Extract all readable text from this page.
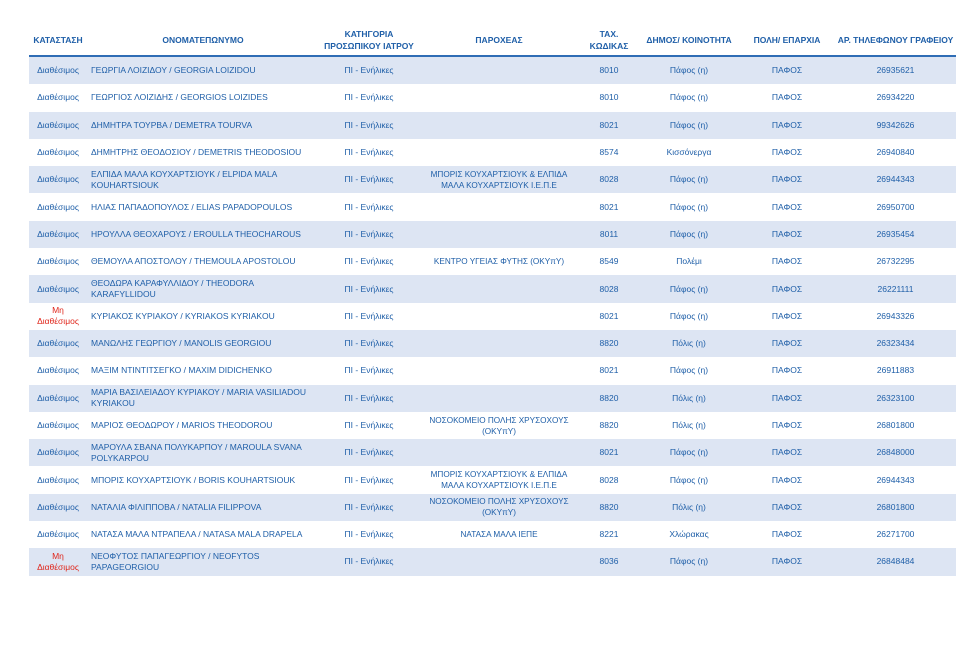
ΚΑΤΑΣΤΑΣΗ	ΟΝΟΜΑΤΕΠΩΝΥΜΟ	ΚΑΤΗΓΟΡΙΑ ΠΡΟΣΩΠΙΚΟΥ ΙΑΤΡΟΥ	ΠΑΡΟΧΕΑΣ	ΤΑΧ. ΚΩΔΙΚΑΣ	ΔΗΜΟΣ/ ΚΟΙΝΟΤΗΤΑ	ΠΟΛΗ/ ΕΠΑΡΧΙΑ	ΑΡ. ΤΗΛΕΦΩΝΟΥ ΓΡΑΦΕΙΟΥ
Διαθέσιμος	ΓΕΩΡΓΙΑ ΛΟΙΖΙΔΟΥ / GEORGIA LOIZIDOU	ΠΙ - Ενήλικες		8010	Πάφος (η)	ΠΑΦΟΣ	26935621
Διαθέσιμος	ΓΕΩΡΓΙΟΣ ΛΟΙΖΙΔΗΣ / GEORGIOS LOIZIDES	ΠΙ - Ενήλικες		8010	Πάφος (η)	ΠΑΦΟΣ	26934220
Διαθέσιμος	ΔΗΜΗΤΡΑ ΤΟΥΡΒΑ / DEMETRA TOURVA	ΠΙ - Ενήλικες		8021	Πάφος (η)	ΠΑΦΟΣ	99342626
Διαθέσιμος	ΔΗΜΗΤΡΗΣ ΘΕΟΔΟΣΙΟΥ / DEMETRIS THEODOSIOU	ΠΙ - Ενήλικες		8574	Κισσόνεργα	ΠΑΦΟΣ	26940840
Διαθέσιμος	ΕΛΠΙΔΑ ΜΑΛΑ ΚΟΥΧΑΡΤΣΙΟΥΚ / ELPIDA MALA KOUHARTSIOUK	ΠΙ - Ενήλικες	ΜΠΟΡΙΣ ΚΟΥΧΑΡΤΣΙΟΥΚ & ΕΛΠΙΔΑ ΜΑΛΑ ΚΟΥΧΑΡΤΣΙΟΥΚ Ι.Ε.Π.Ε	8028	Πάφος (η)	ΠΑΦΟΣ	26944343
Διαθέσιμος	ΗΛΙΑΣ ΠΑΠΑΔΟΠΟΥΛΟΣ / ELIAS PAPADOPOULOS	ΠΙ - Ενήλικες		8021	Πάφος (η)	ΠΑΦΟΣ	26950700
Διαθέσιμος	ΗΡΟΥΛΛΑ ΘΕΟΧΑΡΟΥΣ / EROULLA THEOCHAROUS	ΠΙ - Ενήλικες		8011	Πάφος (η)	ΠΑΦΟΣ	26935454
Διαθέσιμος	ΘΕΜΟΥΛΑ ΑΠΟΣΤΟΛΟΥ / THEMOULA APOSTOLOU	ΠΙ - Ενήλικες	ΚΕΝΤΡΟ ΥΓΕΙΑΣ ΦΥΤΗΣ (ΟΚΥπΥ)	8549	Πολέμι	ΠΑΦΟΣ	26732295
Διαθέσιμος	ΘΕΟΔΩΡΑ ΚΑΡΑΦΥΛΛΙΔΟΥ / THEODORA KARAFYLLIDOU	ΠΙ - Ενήλικες		8028	Πάφος (η)	ΠΑΦΟΣ	26221111
Μη Διαθέσιμος	ΚΥΡΙΑΚΟΣ ΚΥΡΙΑΚΟΥ / KYRIAKOS KYRIAKOU	ΠΙ - Ενήλικες		8021	Πάφος (η)	ΠΑΦΟΣ	26943326
Διαθέσιμος	ΜΑΝΩΛΗΣ ΓΕΩΡΓΙΟΥ / MANOLIS GEORGIOU	ΠΙ - Ενήλικες		8820	Πόλις (η)	ΠΑΦΟΣ	26323434
Διαθέσιμος	ΜΑΞΙΜ ΝΤΙΝΤΙΤΣΕΓΚΟ / MAXIM DIDICHENKO	ΠΙ - Ενήλικες		8021	Πάφος (η)	ΠΑΦΟΣ	26911883
Διαθέσιμος	ΜΑΡΙΑ ΒΑΣΙΛΕΙΑΔΟΥ ΚΥΡΙΑΚΟΥ / MARIA VASILIADOU KYRIAKOU	ΠΙ - Ενήλικες		8820	Πόλις (η)	ΠΑΦΟΣ	26323100
Διαθέσιμος	ΜΑΡΙΟΣ ΘΕΟΔΩΡΟΥ / MARIOS THEODOROU	ΠΙ - Ενήλικες	ΝΟΣΟΚΟΜΕΙΟ ΠΟΛΗΣ ΧΡΥΣΟΧΟΥΣ (ΟΚΥπΥ)	8820	Πόλις (η)	ΠΑΦΟΣ	26801800
Διαθέσιμος	ΜΑΡΟΥΛΑ ΣΒΑΝΑ ΠΟΛΥΚΑΡΠΟΥ / MAROULA SVANA POLYKARPOU	ΠΙ - Ενήλικες		8021	Πάφος (η)	ΠΑΦΟΣ	26848000
Διαθέσιμος	ΜΠΟΡΙΣ ΚΟΥΧΑΡΤΣΙΟΥΚ / BORIS KOUHARTSIOUK	ΠΙ - Ενήλικες	ΜΠΟΡΙΣ ΚΟΥΧΑΡΤΣΙΟΥΚ & ΕΛΠΙΔΑ ΜΑΛΑ ΚΟΥΧΑΡΤΣΙΟΥΚ Ι.Ε.Π.Ε	8028	Πάφος (η)	ΠΑΦΟΣ	26944343
Διαθέσιμος	ΝΑΤΑΛΙΑ ΦΙΛΙΠΠΟΒΑ / NATALIA FILIPPOVA	ΠΙ - Ενήλικες	ΝΟΣΟΚΟΜΕΙΟ ΠΟΛΗΣ ΧΡΥΣΟΧΟΥΣ (ΟΚΥπΥ)	8820	Πόλις (η)	ΠΑΦΟΣ	26801800
Διαθέσιμος	ΝΑΤΑΣΑ ΜΑΛΑ ΝΤΡΑΠΕΛΑ / NATASA MALA DRAPELA	ΠΙ - Ενήλικες	ΝΑΤΑΣΑ ΜΑΛΑ ΙΕΠΕ	8221	Χλώρακας	ΠΑΦΟΣ	26271700
Μη Διαθέσιμος	ΝΕΟΦΥΤΟΣ ΠΑΠΑΓΕΩΡΓΙΟΥ / NEOFYTOS PAPAGEORGIOU	ΠΙ - Ενήλικες		8036	Πάφος (η)	ΠΑΦΟΣ	26848484
